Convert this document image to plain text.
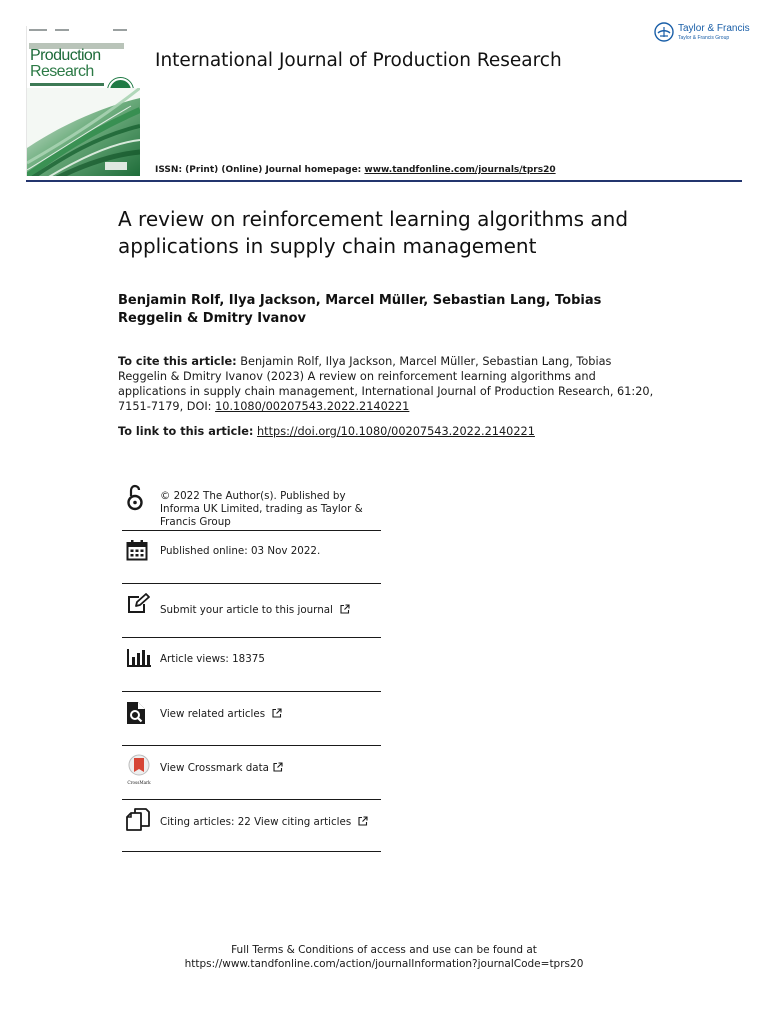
Production
Research
International Journal of Production Research
Taylor & Francis
Taylor & Francis Group
ISSN: (Print) (Online) Journal homepage: www.tandfonline.com/journals/tprs20
A review on reinforcement learning algorithms and applications in supply chain management
Benjamin Rolf, Ilya Jackson, Marcel Müller, Sebastian Lang, Tobias Reggelin & Dmitry Ivanov
To cite this article: Benjamin Rolf, Ilya Jackson, Marcel Müller, Sebastian Lang, Tobias Reggelin & Dmitry Ivanov (2023) A review on reinforcement learning algorithms and applications in supply chain management, International Journal of Production Research, 61:20, 7151-7179, DOI: 10.1080/00207543.2022.2140221
To link to this article: https://doi.org/10.1080/00207543.2022.2140221
© 2022 The Author(s). Published by Informa UK Limited, trading as Taylor & Francis Group
Published online: 03 Nov 2022.
Submit your article to this journal
Article views: 18375
View related articles
CrossMark
View Crossmark data
Citing articles: 22 View citing articles
Full Terms & Conditions of access and use can be found at
https://www.tandfonline.com/action/journalInformation?journalCode=tprs20
